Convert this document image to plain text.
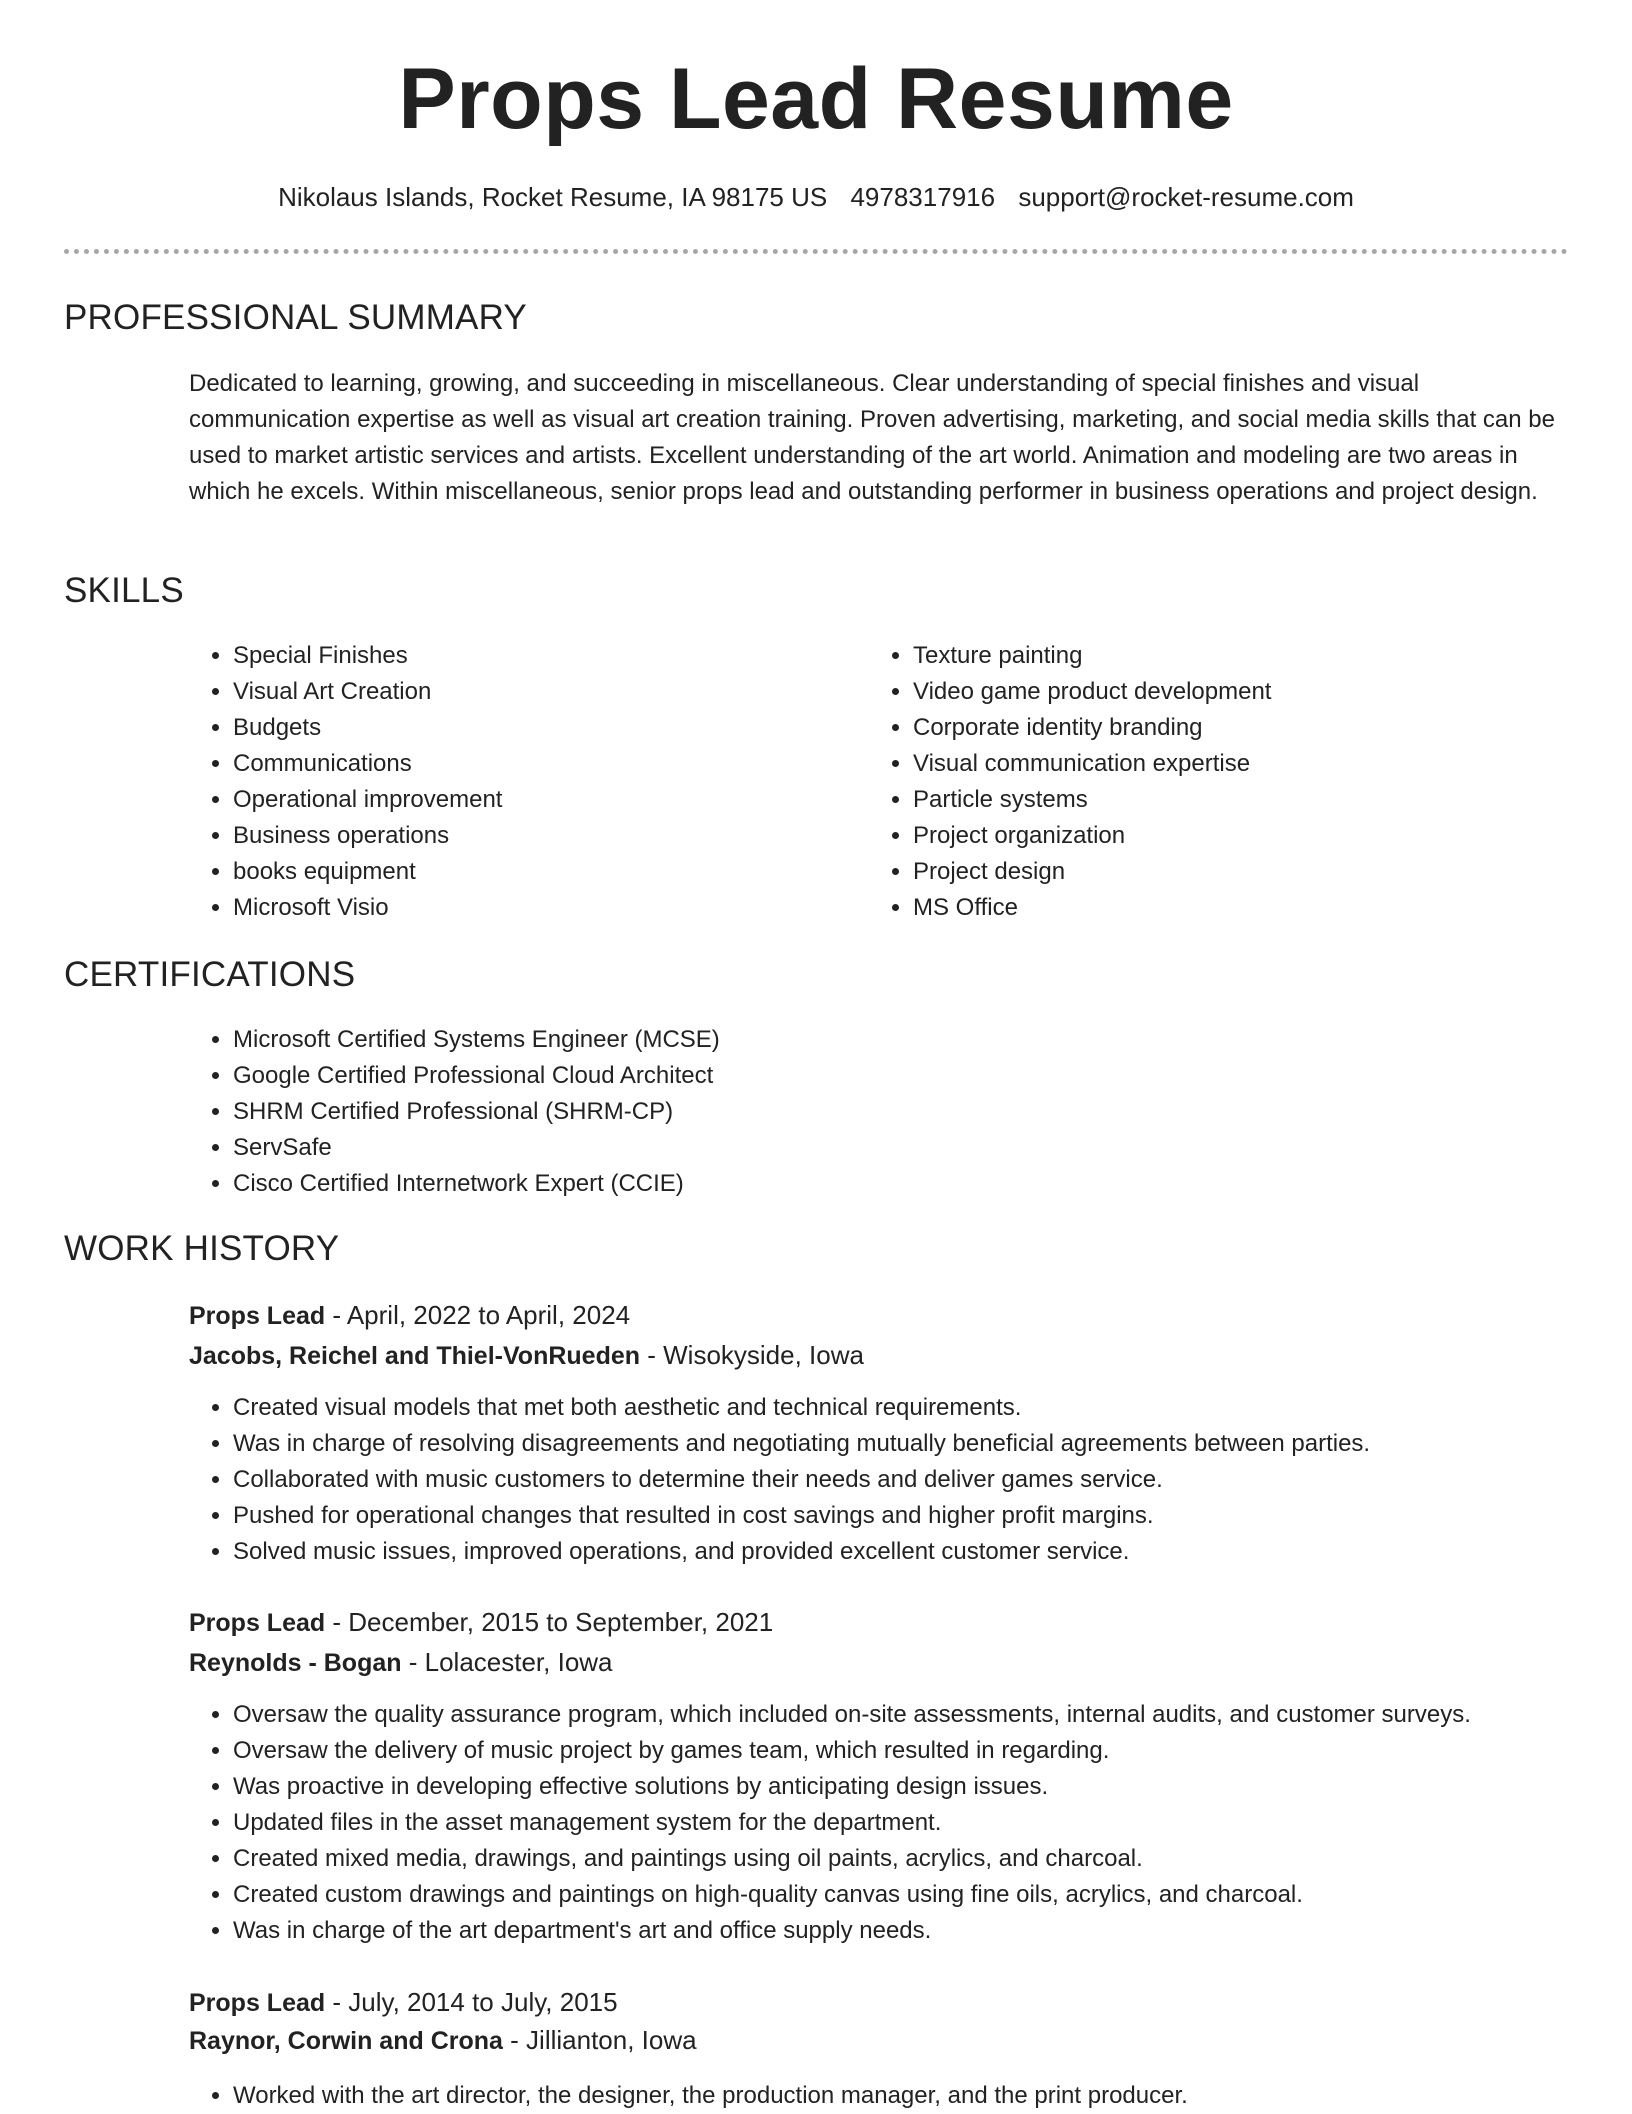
Props Lead Resume
Nikolaus Islands, Rocket Resume, IA 98175 US 4978317916 support@rocket-resume.com
PROFESSIONAL SUMMARY

Dedicated to learning, growing, and succeeding in miscellaneous. Clear understanding of special finishes and visual communication expertise as well as visual art creation training. Proven advertising, marketing, and social media skills that can be used to market artistic services and artists. Excellent understanding of the art world. Animation and modeling are two areas in which he excels. Within miscellaneous, senior props lead and outstanding performer in business operations and project design.

SKILLS
• Special Finishes
• Visual Art Creation
• Budgets
• Communications
• Operational improvement
• Business operations
• books equipment
• Microsoft Visio
• Texture painting
• Video game product development
• Corporate identity branding
• Visual communication expertise
• Particle systems
• Project organization
• Project design
• MS Office
CERTIFICATIONS
• Microsoft Certified Systems Engineer (MCSE)
• Google Certified Professional Cloud Architect
• SHRM Certified Professional (SHRM-CP)
• ServSafe
• Cisco Certified Internetwork Expert (CCIE)
WORK HISTORY
Props Lead - April, 2022 to April, 2024
Jacobs, Reichel and Thiel-VonRueden - Wisokyside, Iowa
• Created visual models that met both aesthetic and technical requirements.
• Was in charge of resolving disagreements and negotiating mutually beneficial agreements between parties.
• Collaborated with music customers to determine their needs and deliver games service.
• Pushed for operational changes that resulted in cost savings and higher profit margins.
• Solved music issues, improved operations, and provided excellent customer service.
Props Lead - December, 2015 to September, 2021
Reynolds - Bogan - Lolacester, Iowa
• Oversaw the quality assurance program, which included on-site assessments, internal audits, and customer surveys.
• Oversaw the delivery of music project by games team, which resulted in regarding.
• Was proactive in developing effective solutions by anticipating design issues.
• Updated files in the asset management system for the department.
• Created mixed media, drawings, and paintings using oil paints, acrylics, and charcoal.
• Created custom drawings and paintings on high-quality canvas using fine oils, acrylics, and charcoal.
• Was in charge of the art department's art and office supply needs.
Props Lead - July, 2014 to July, 2015
Raynor, Corwin and Crona - Jillianton, Iowa
• Worked with the art director, the designer, the production manager, and the print producer.
